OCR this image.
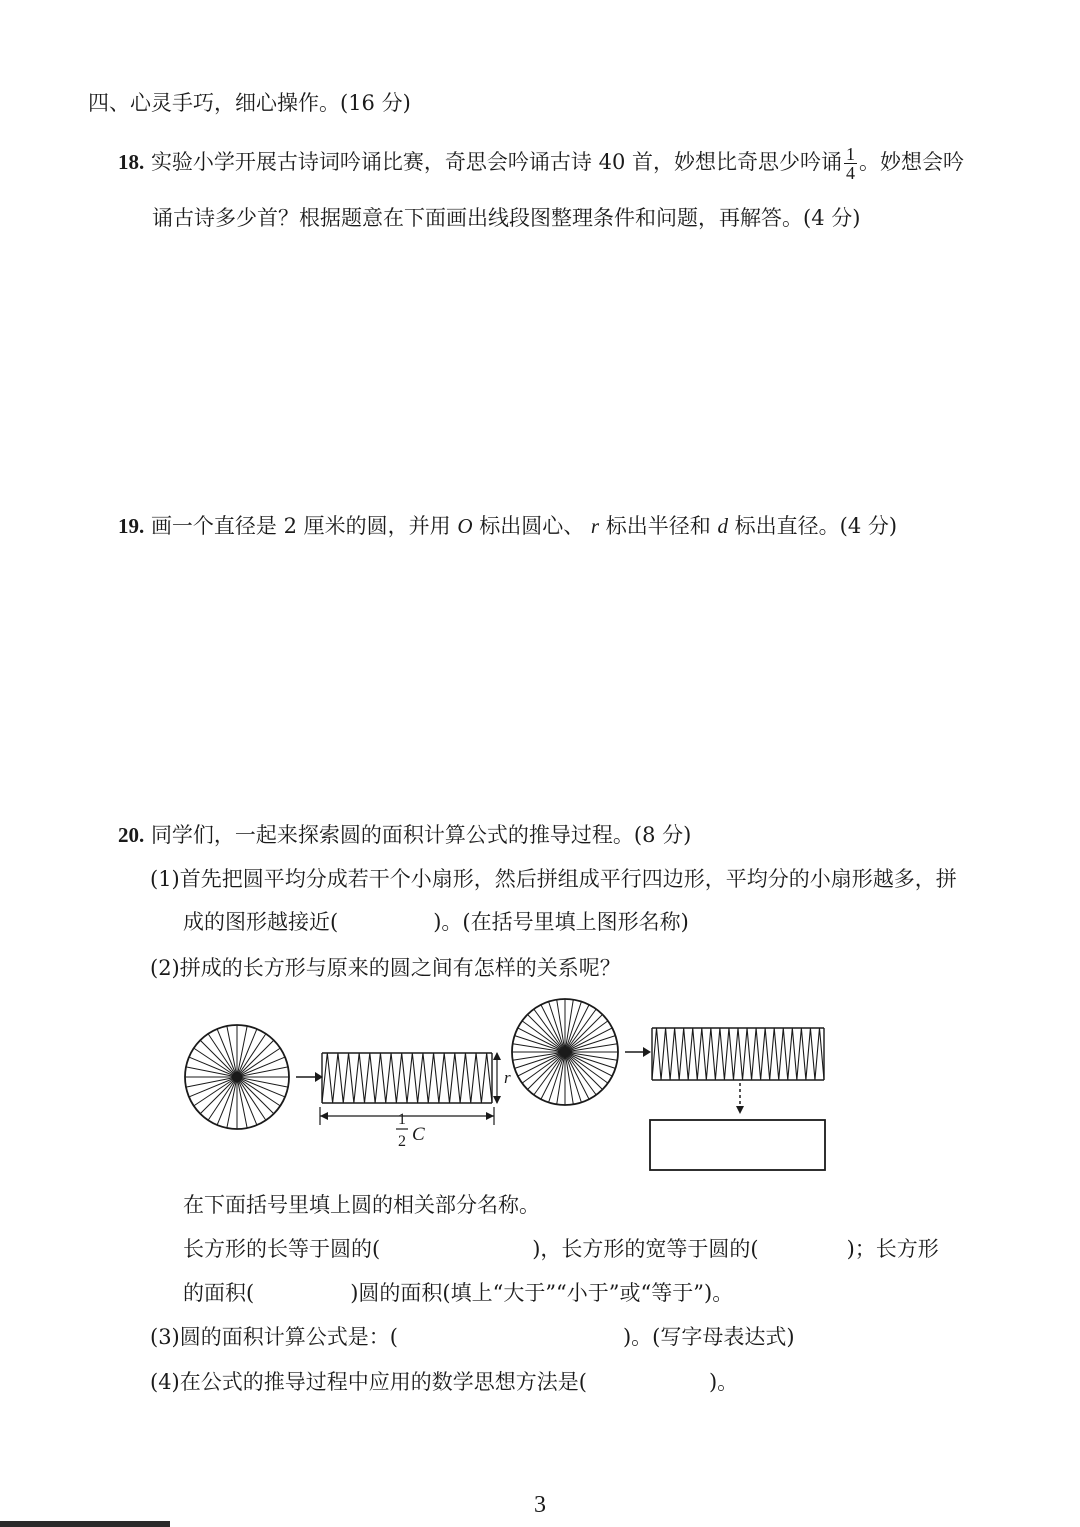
四、心灵手巧，细心操作。(16 分)
18. 实验小学开展古诗词吟诵比赛，奇思会吟诵古诗 40 首，妙想比奇思少吟诵 $\frac{1}{4}$ 。妙想会吟
诵古诗多少首？根据题意在下面画出线段图整理条件和问题，再解答。(4 分)
19. 画一个直径是 2 厘米的圆，并用 O 标出圆心、 r 标出半径和 d 标出直径。(4 分)
20. 同学们，一起来探索圆的面积计算公式的推导过程。(8 分)
(1)首先把圆平均分成若干个小扇形，然后拼组成平行四边形，平均分的小扇形越多，拼
成的图形越接近(	)。(在括号里填上图形名称)
(2)拼成的长方形与原来的圆之间有怎样的关系呢？
r
1
2 C
在下面括号里填上圆的相关部分名称。
长方形的长等于圆的(	)，长方形的宽等于圆的(	)；长方形
的面积(	)圆的面积(填上“大于”“小于”或“等于”)。
(3)圆的面积计算公式是：(	)。(写字母表达式)
(4)在公式的推导过程中应用的数学思想方法是(	)。
3
